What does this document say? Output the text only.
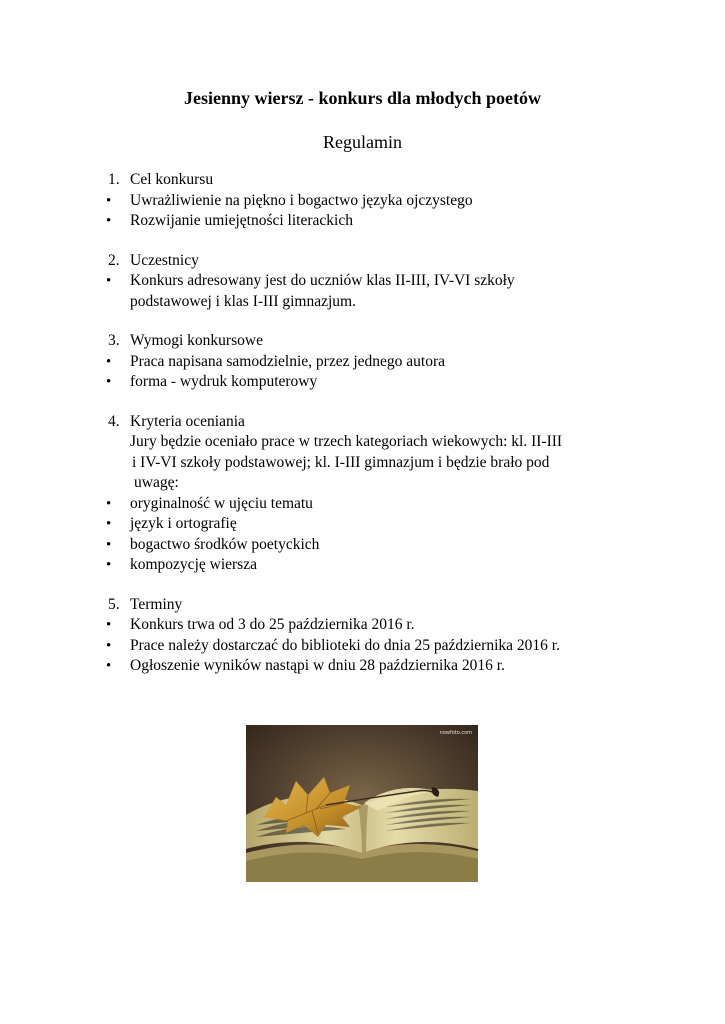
Jesienny wiersz - konkurs dla młodych poetów
Regulamin
1. Cel konkursu
• Uwrażliwienie na piękno i bogactwo języka ojczystego
• Rozwijanie umiejętności literackich
2. Uczestnicy
• Konkurs adresowany jest do uczniów klas II-III, IV-VI szkoły
podstawowej i klas I-III gimnazjum.
3. Wymogi konkursowe
• Praca napisana samodzielnie, przez jednego autora
• forma - wydruk komputerowy
4. Kryteria oceniania
Jury będzie oceniało prace w trzech kategoriach wiekowych: kl. II-III
i IV-VI szkoły podstawowej; kl. I-III gimnazjum i będzie brało pod
uwagę:
• oryginalność w ujęciu tematu
• język i ortografię
• bogactwo środków poetyckich
• kompozycję wiersza
5. Terminy
• Konkurs trwa od 3 do 25 października 2016 r.
• Prace należy dostarczać do biblioteki do dnia 25 października 2016 r.
• Ogłoszenie wyników nastąpi w dniu 28 października 2016 r.
nowfoto.com
